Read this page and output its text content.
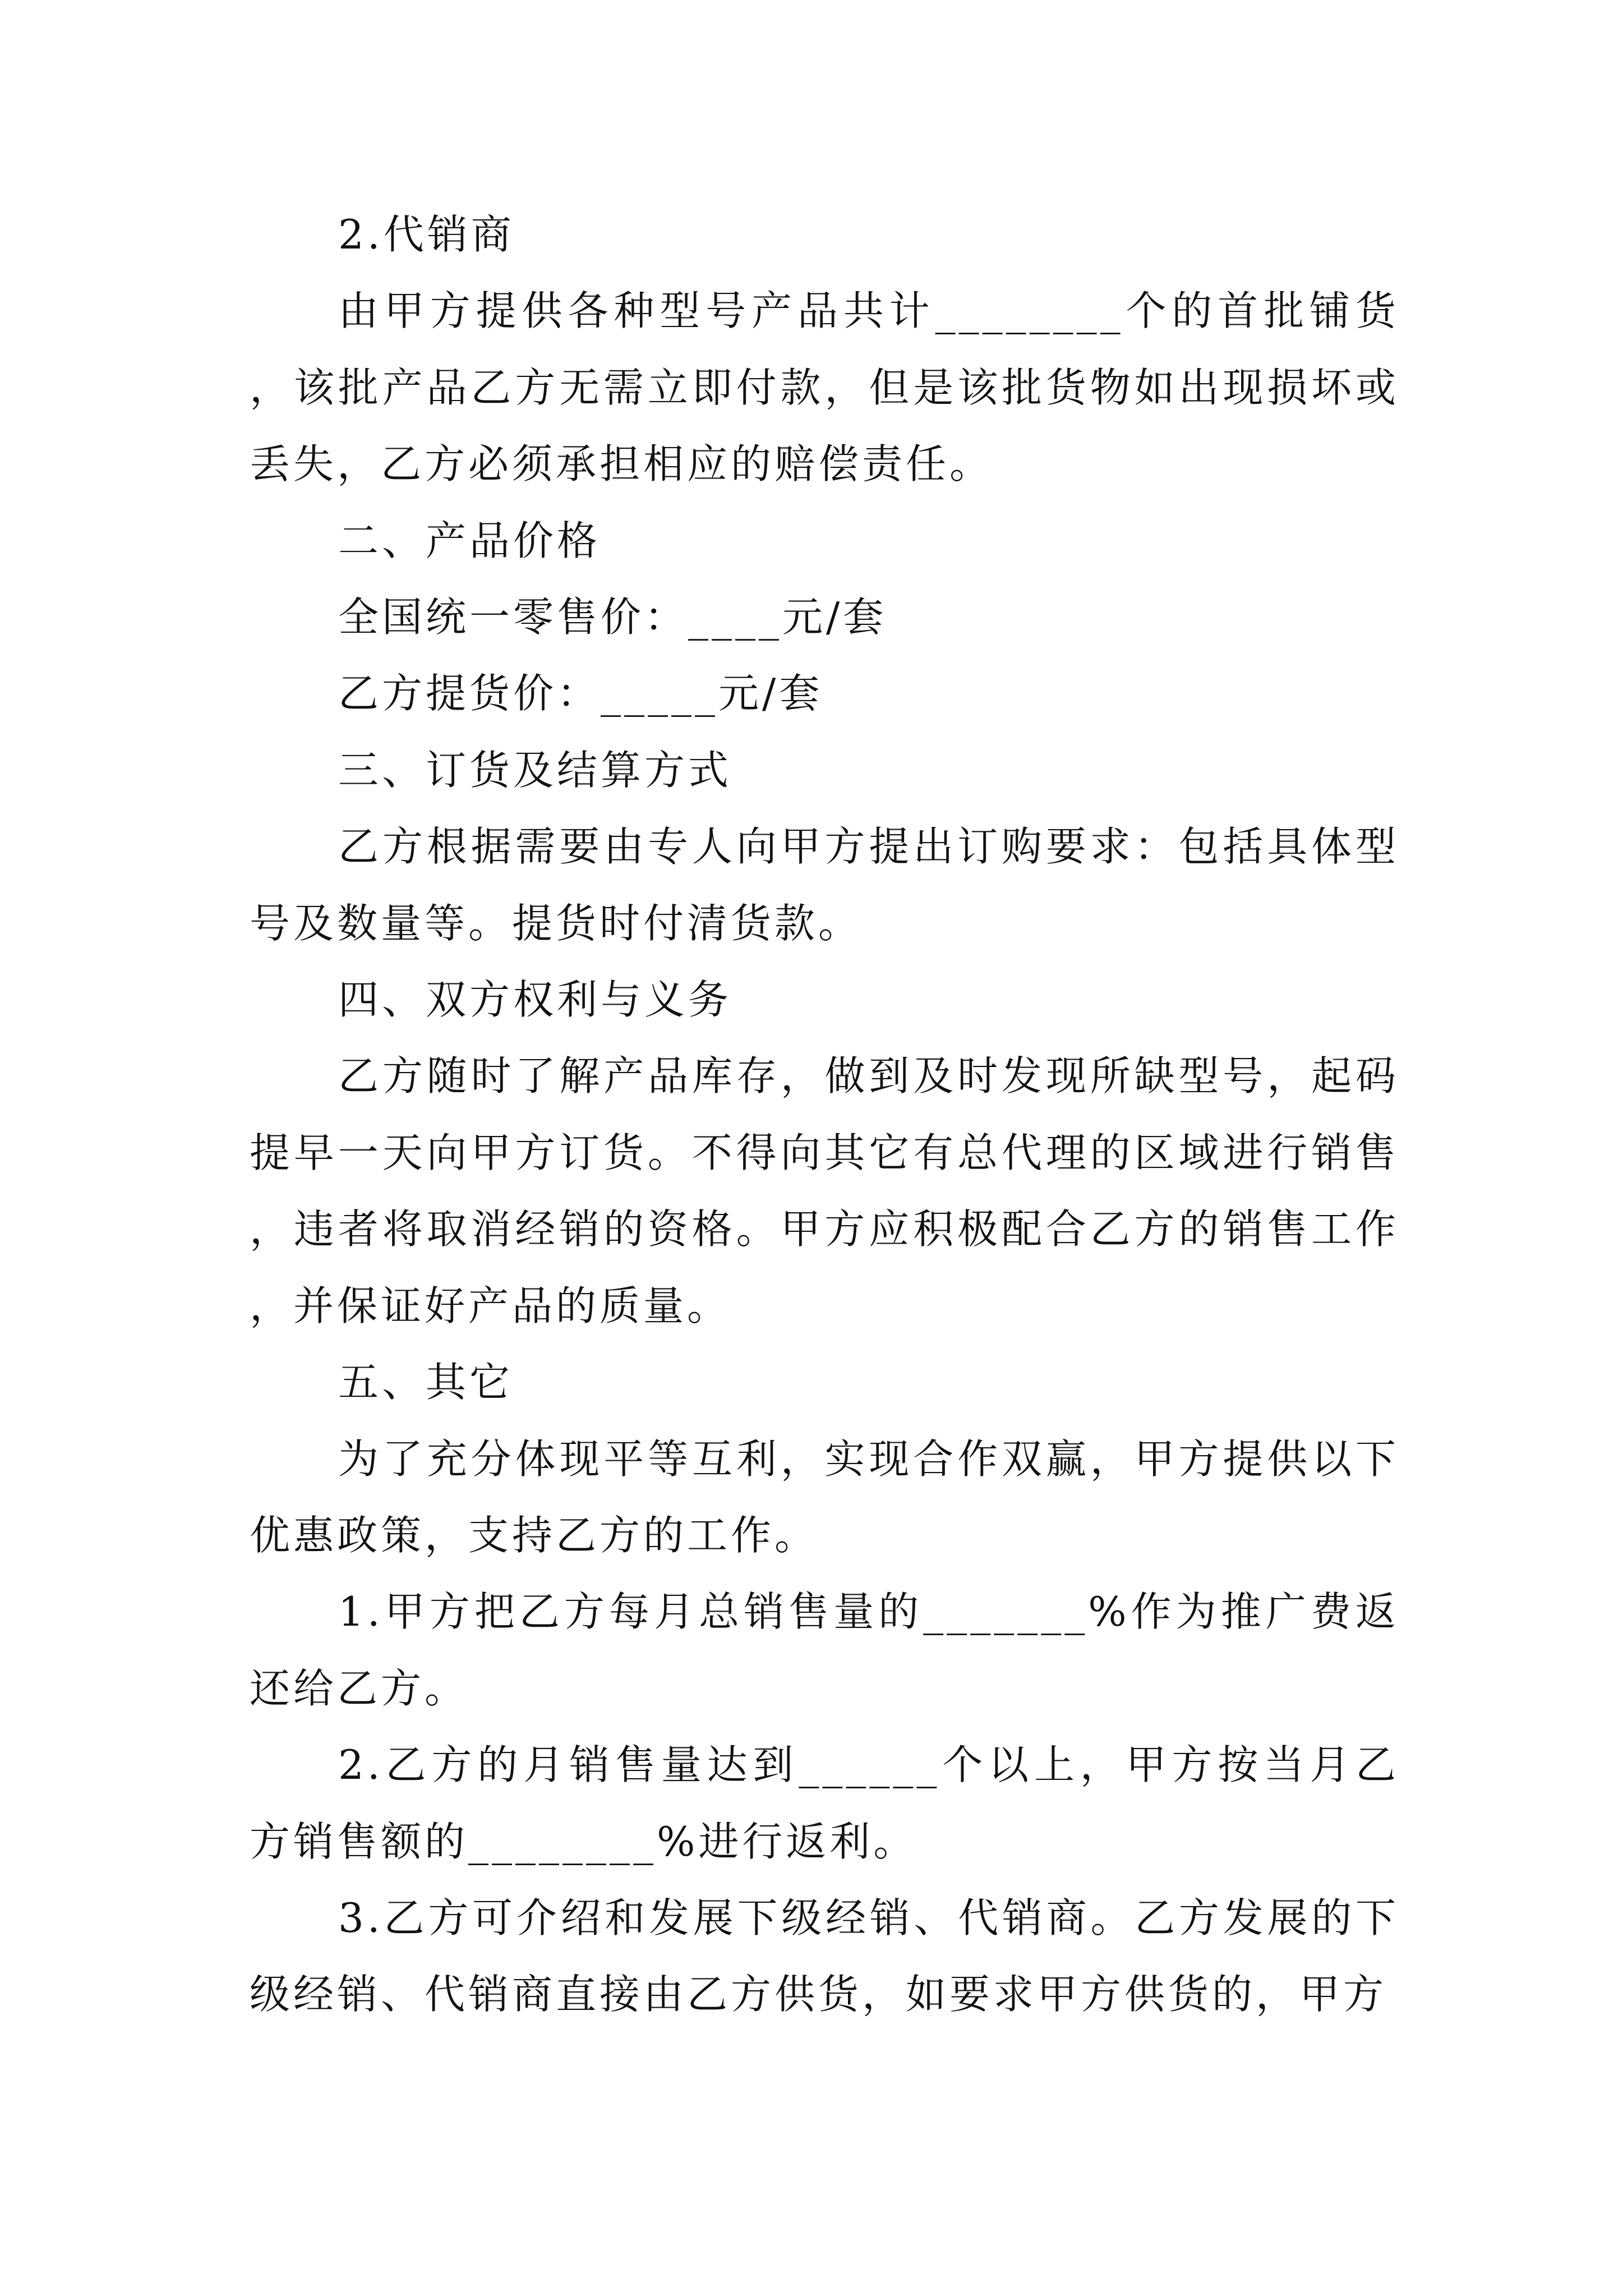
2.代销商

由甲方提供各种型号产品共计________个的首批铺货，该批产品乙方无需立即付款，但是该批货物如出现损坏或丢失，乙方必须承担相应的赔偿责任。

二、产品价格

全国统一零售价：____元/套

乙方提货价：_____元/套

三、订货及结算方式

乙方根据需要由专人向甲方提出订购要求：包括具体型号及数量等。提货时付清货款。

四、双方权利与义务

乙方随时了解产品库存，做到及时发现所缺型号，起码提早一天向甲方订货。不得向其它有总代理的区域进行销售，违者将取消经销的资格。甲方应积极配合乙方的销售工作，并保证好产品的质量。

五、其它

为了充分体现平等互利，实现合作双赢，甲方提供以下优惠政策，支持乙方的工作。

1.甲方把乙方每月总销售量的_______%作为推广费返还给乙方。

2.乙方的月销售量达到______个以上，甲方按当月乙方销售额的________%进行返利。

3.乙方可介绍和发展下级经销、代销商。乙方发展的下级经销、代销商直接由乙方供货，如要求甲方供货的，甲方
